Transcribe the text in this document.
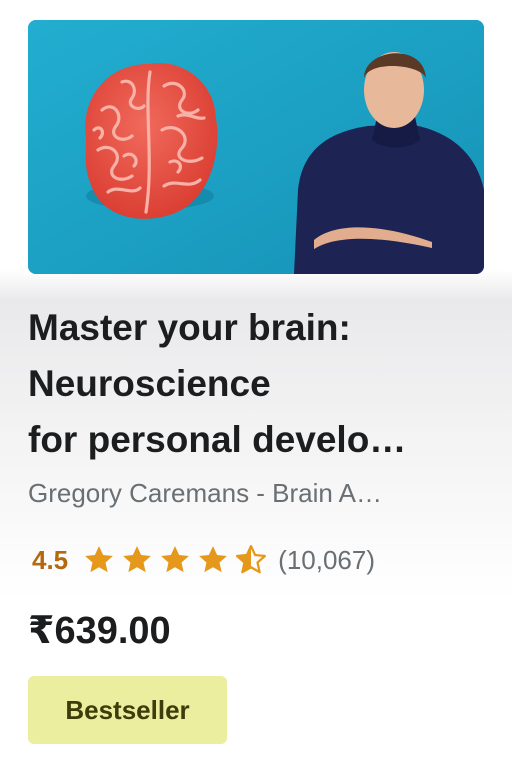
Master your brain:
Neuroscience
for personal develo…
Gregory Caremans - Brain A…
4.5	(10,067)
₹639.00
Bestseller
